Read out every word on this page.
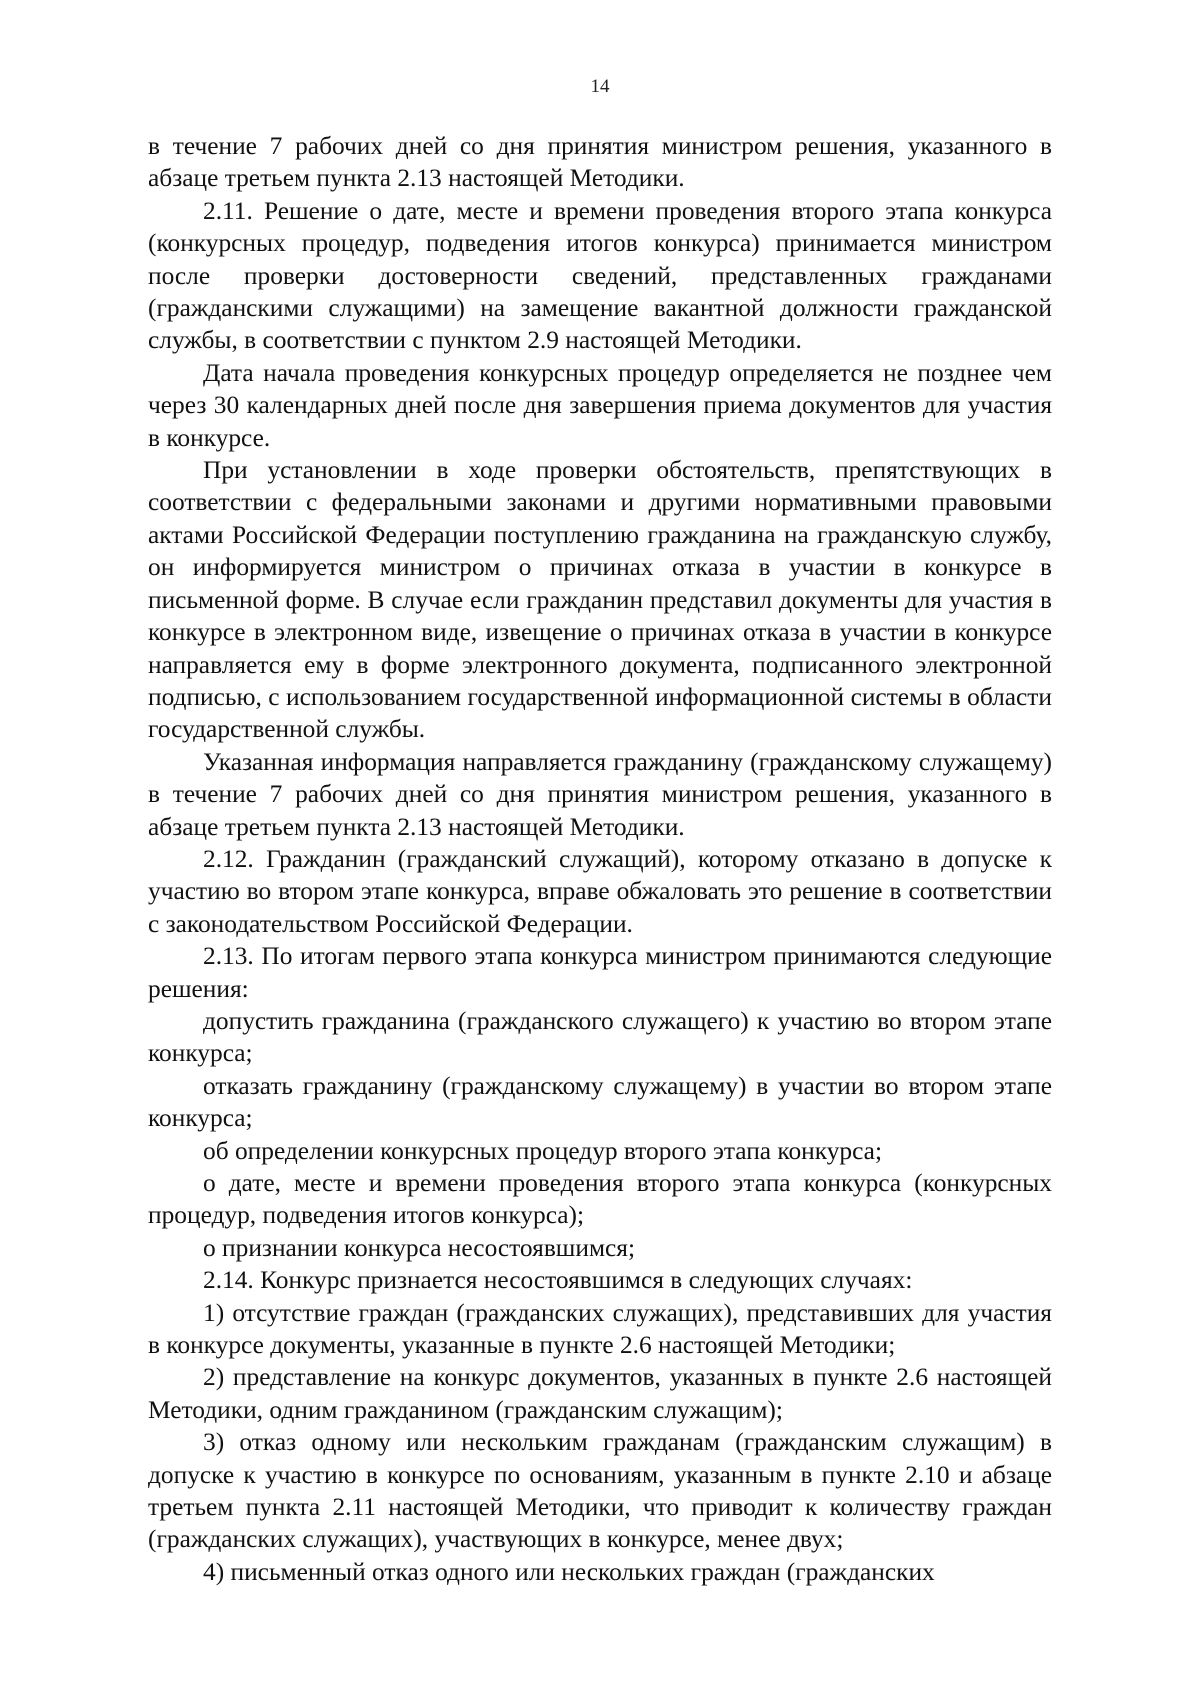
14

в течение 7 рабочих дней со дня принятия министром решения, указанного в абзаце третьем пункта 2.13 настоящей Методики.

2.11. Решение о дате, месте и времени проведения второго этапа конкурса (конкурсных процедур, подведения итогов конкурса) принимается министром после проверки достоверности сведений, представленных гражданами (гражданскими служащими) на замещение вакантной должности гражданской службы, в соответствии с пунктом 2.9 настоящей Методики.

Дата начала проведения конкурсных процедур определяется не позднее чем через 30 календарных дней после дня завершения приема документов для участия в конкурсе.

При установлении в ходе проверки обстоятельств, препятствующих в соответствии с федеральными законами и другими нормативными правовыми актами Российской Федерации поступлению гражданина на гражданскую службу, он информируется министром о причинах отказа в участии в конкурсе в письменной форме. В случае если гражданин представил документы для участия в конкурсе в электронном виде, извещение о причинах отказа в участии в конкурсе направляется ему в форме электронного документа, подписанного электронной подписью, с использованием государственной информационной системы в области государственной службы.

Указанная информация направляется гражданину (гражданскому служащему) в течение 7 рабочих дней со дня принятия министром решения, указанного в абзаце третьем пункта 2.13 настоящей Методики.

2.12. Гражданин (гражданский служащий), которому отказано в допуске к участию во втором этапе конкурса, вправе обжаловать это решение в соответствии с законодательством Российской Федерации.

2.13. По итогам первого этапа конкурса министром принимаются следующие решения:

допустить гражданина (гражданского служащего) к участию во втором этапе конкурса;

отказать гражданину (гражданскому служащему) в участии во втором этапе конкурса;

об определении конкурсных процедур второго этапа конкурса;

о дате, месте и времени проведения второго этапа конкурса (конкурсных процедур, подведения итогов конкурса);

о признании конкурса несостоявшимся;

2.14. Конкурс признается несостоявшимся в следующих случаях:

1) отсутствие граждан (гражданских служащих), представивших для участия в конкурсе документы, указанные в пункте 2.6 настоящей Методики;

2) представление на конкурс документов, указанных в пункте 2.6 настоящей Методики, одним гражданином (гражданским служащим);

3) отказ одному или нескольким гражданам (гражданским служащим) в допуске к участию в конкурсе по основаниям, указанным в пункте 2.10 и абзаце третьем пункта 2.11 настоящей Методики, что приводит к количеству граждан (гражданских служащих), участвующих в конкурсе, менее двух;

4) письменный отказ одного или нескольких граждан (гражданских
